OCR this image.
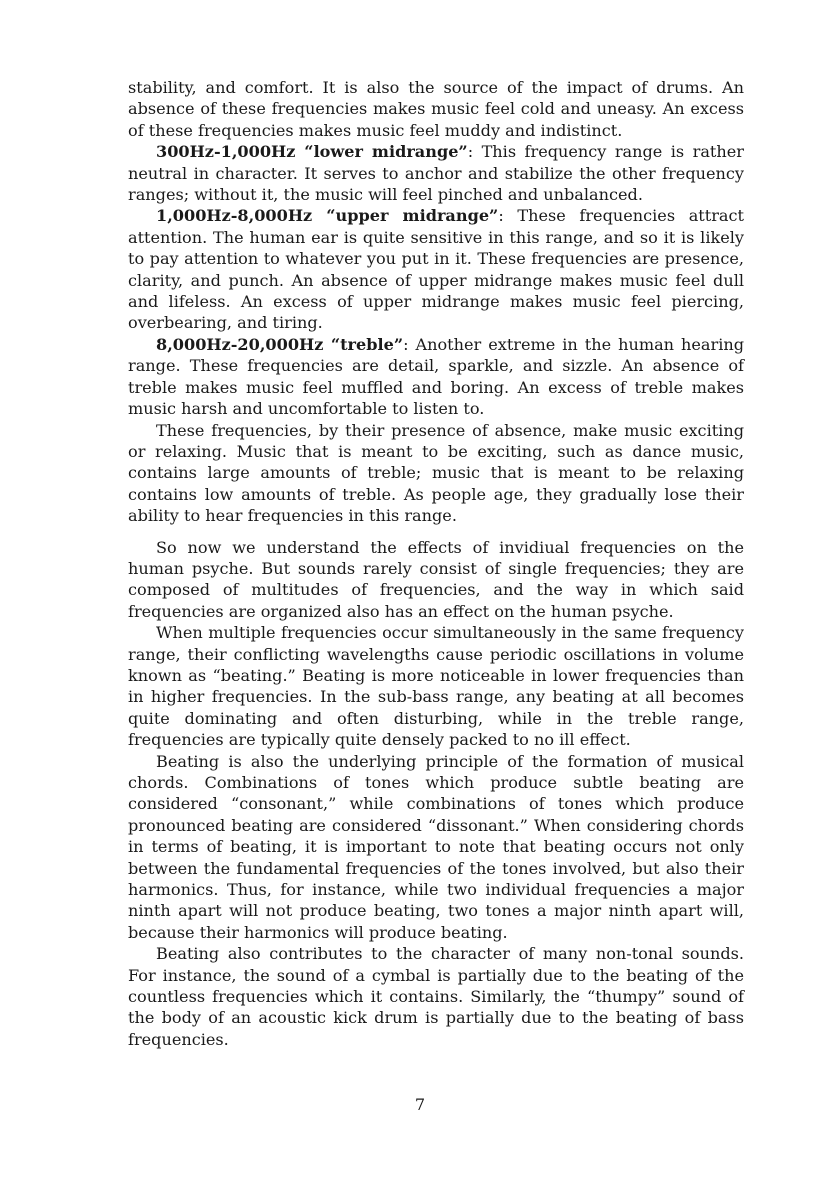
stability, and comfort. It is also the source of the impact of drums. An absence of these frequencies makes music feel cold and uneasy. An excess of these frequencies makes music feel muddy and indistinct.

300Hz-1,000Hz “lower midrange”: This frequency range is rather neutral in character. It serves to anchor and stabilize the other frequency ranges; without it, the music will feel pinched and unbalanced.

1,000Hz-8,000Hz “upper midrange”: These frequencies attract attention. The human ear is quite sensitive in this range, and so it is likely to pay attention to whatever you put in it. These frequencies are presence, clarity, and punch. An absence of upper midrange makes music feel dull and lifeless. An excess of upper midrange makes music feel piercing, overbearing, and tiring.

8,000Hz-20,000Hz “treble”: Another extreme in the human hearing range. These frequencies are detail, sparkle, and sizzle. An absence of treble makes music feel muffled and boring. An excess of treble makes music harsh and uncomfortable to listen to.

These frequencies, by their presence of absence, make music exciting or relaxing. Music that is meant to be exciting, such as dance music, contains large amounts of treble; music that is meant to be relaxing contains low amounts of treble. As people age, they gradually lose their ability to hear frequencies in this range.

So now we understand the effects of invidiual frequencies on the human psyche. But sounds rarely consist of single frequencies; they are composed of multitudes of frequencies, and the way in which said frequencies are organized also has an effect on the human psyche.

When multiple frequencies occur simultaneously in the same frequency range, their conflicting wavelengths cause periodic oscillations in volume known as “beating.” Beating is more noticeable in lower frequencies than in higher frequencies. In the sub-bass range, any beating at all becomes quite dominating and often disturbing, while in the treble range, frequencies are typically quite densely packed to no ill effect.

Beating is also the underlying principle of the formation of musical chords. Combinations of tones which produce subtle beating are considered “consonant,” while combinations of tones which produce pronounced beating are considered “dissonant.” When considering chords in terms of beating, it is important to note that beating occurs not only between the fundamental frequencies of the tones involved, but also their harmonics. Thus, for instance, while two individual frequencies a major ninth apart will not produce beating, two tones a major ninth apart will, because their harmonics will produce beating.

Beating also contributes to the character of many non-tonal sounds. For instance, the sound of a cymbal is partially due to the beating of the countless frequencies which it contains. Similarly, the “thumpy” sound of the body of an acoustic kick drum is partially due to the beating of bass frequencies.

7
